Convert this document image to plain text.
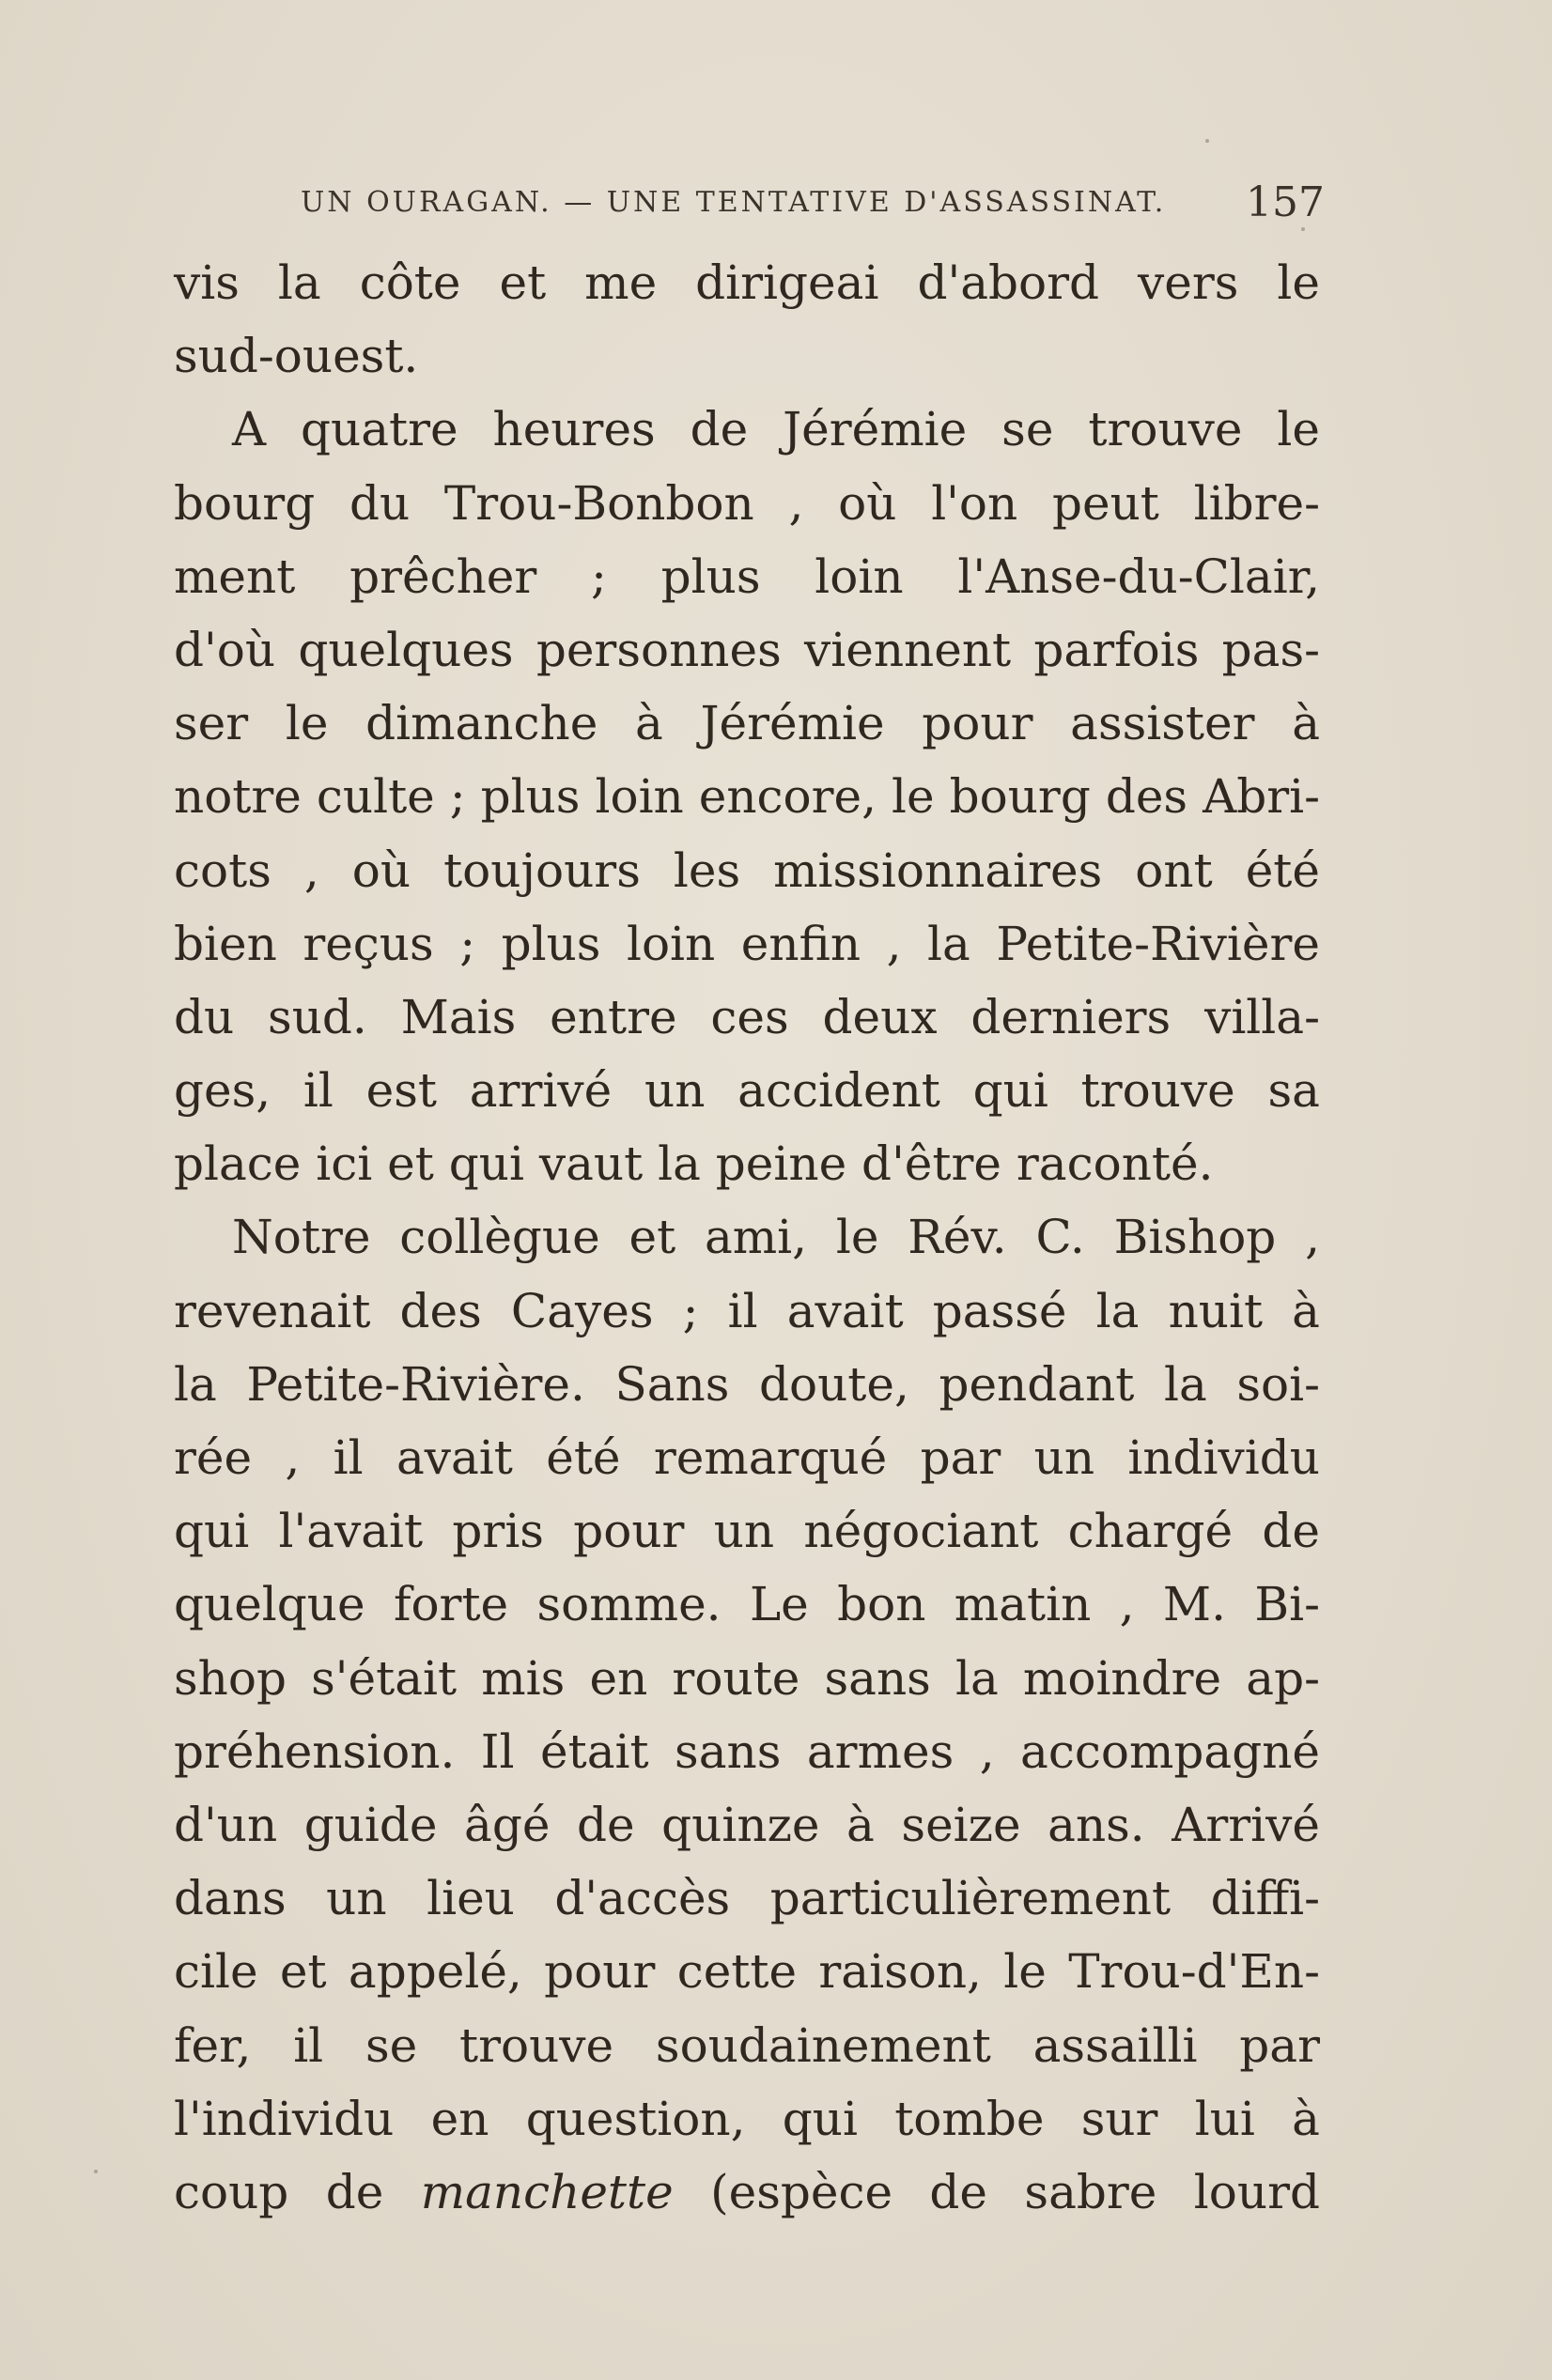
UN OURAGAN. — UNE TENTATIVE D'ASSASSINAT. 157
vis la côte et me dirigeai d'abord vers le
sud-ouest.
A quatre heures de Jérémie se trouve le
bourg du Trou-Bonbon , où l'on peut libre-
ment prêcher ; plus loin l'Anse-du-Clair,
d'où quelques personnes viennent parfois pas-
ser le dimanche à Jérémie pour assister à
notre culte ; plus loin encore, le bourg des Abri-
cots , où toujours les missionnaires ont été
bien reçus ; plus loin enfin , la Petite-Rivière
du sud. Mais entre ces deux derniers villa-
ges, il est arrivé un accident qui trouve sa
place ici et qui vaut la peine d'être raconté.
Notre collègue et ami, le Rév. C. Bishop ,
revenait des Cayes ; il avait passé la nuit à
la Petite-Rivière. Sans doute, pendant la soi-
rée , il avait été remarqué par un individu
qui l'avait pris pour un négociant chargé de
quelque forte somme. Le bon matin , M. Bi-
shop s'était mis en route sans la moindre ap-
préhension. Il était sans armes , accompagné
d'un guide âgé de quinze à seize ans. Arrivé
dans un lieu d'accès particulièrement diffi-
cile et appelé, pour cette raison, le Trou-d'En-
fer, il se trouve soudainement assailli par
l'individu en question, qui tombe sur lui à
coup de manchette (espèce de sabre lourd
